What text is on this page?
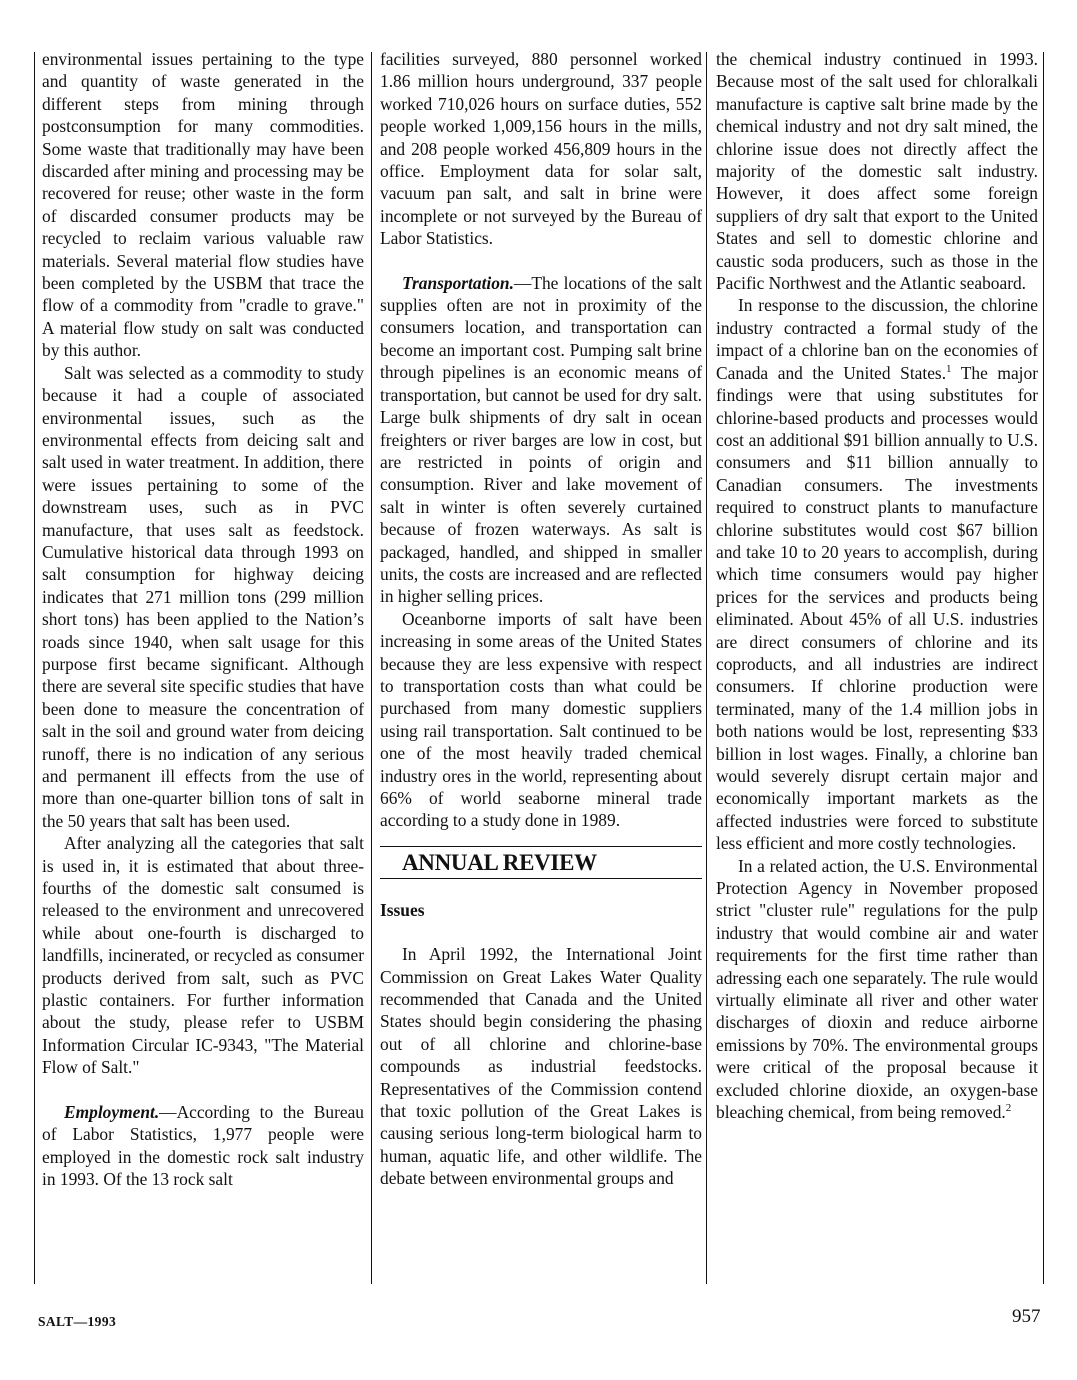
environmental issues pertaining to the type and quantity of waste generated in the different steps from mining through postconsumption for many commodities. Some waste that traditionally may have been discarded after mining and processing may be recovered for reuse; other waste in the form of discarded consumer products may be recycled to reclaim various valuable raw materials. Several material flow studies have been completed by the USBM that trace the flow of a commodity from "cradle to grave." A material flow study on salt was conducted by this author.

Salt was selected as a commodity to study because it had a couple of associated environmental issues, such as the environmental effects from deicing salt and salt used in water treatment. In addition, there were issues pertaining to some of the downstream uses, such as in PVC manufacture, that uses salt as feedstock. Cumulative historical data through 1993 on salt consumption for highway deicing indicates that 271 million tons (299 million short tons) has been applied to the Nation’s roads since 1940, when salt usage for this purpose first became significant. Although there are several site specific studies that have been done to measure the concentration of salt in the soil and ground water from deicing runoff, there is no indication of any serious and permanent ill effects from the use of more than one-quarter billion tons of salt in the 50 years that salt has been used.

After analyzing all the categories that salt is used in, it is estimated that about three-fourths of the domestic salt consumed is released to the environment and unrecovered while about one-fourth is discharged to landfills, incinerated, or recycled as consumer products derived from salt, such as PVC plastic containers. For further information about the study, please refer to USBM Information Circular IC-9343, "The Material Flow of Salt."

Employment.—According to the Bureau of Labor Statistics, 1,977 people were employed in the domestic rock salt industry in 1993. Of the 13 rock salt

facilities surveyed, 880 personnel worked 1.86 million hours underground, 337 people worked 710,026 hours on surface duties, 552 people worked 1,009,156 hours in the mills, and 208 people worked 456,809 hours in the office. Employment data for solar salt, vacuum pan salt, and salt in brine were incomplete or not surveyed by the Bureau of Labor Statistics.

Transportation.—The locations of the salt supplies often are not in proximity of the consumers location, and transportation can become an important cost. Pumping salt brine through pipelines is an economic means of transportation, but cannot be used for dry salt. Large bulk shipments of dry salt in ocean freighters or river barges are low in cost, but are restricted in points of origin and consumption. River and lake movement of salt in winter is often severely curtained because of frozen waterways. As salt is packaged, handled, and shipped in smaller units, the costs are increased and are reflected in higher selling prices.

Oceanborne imports of salt have been increasing in some areas of the United States because they are less expensive with respect to transportation costs than what could be purchased from many domestic suppliers using rail transportation. Salt continued to be one of the most heavily traded chemical industry ores in the world, representing about 66% of world seaborne mineral trade according to a study done in 1989.

ANNUAL REVIEW

Issues

In April 1992, the International Joint Commission on Great Lakes Water Quality recommended that Canada and the United States should begin considering the phasing out of all chlorine and chlorine-base compounds as industrial feedstocks. Representatives of the Commission contend that toxic pollution of the Great Lakes is causing serious long-term biological harm to human, aquatic life, and other wildlife. The debate between environmental groups and

the chemical industry continued in 1993. Because most of the salt used for chloralkali manufacture is captive salt brine made by the chemical industry and not dry salt mined, the chlorine issue does not directly affect the majority of the domestic salt industry. However, it does affect some foreign suppliers of dry salt that export to the United States and sell to domestic chlorine and caustic soda producers, such as those in the Pacific Northwest and the Atlantic seaboard.

In response to the discussion, the chlorine industry contracted a formal study of the impact of a chlorine ban on the economies of Canada and the United States.$^1$ The major findings were that using substitutes for chlorine-based products and processes would cost an additional $91 billion annually to U.S. consumers and $11 billion annually to Canadian consumers. The investments required to construct plants to manufacture chlorine substitutes would cost $67 billion and take 10 to 20 years to accomplish, during which time consumers would pay higher prices for the services and products being eliminated. About 45% of all U.S. industries are direct consumers of chlorine and its coproducts, and all industries are indirect consumers. If chlorine production were terminated, many of the 1.4 million jobs in both nations would be lost, representing $33 billion in lost wages. Finally, a chlorine ban would severely disrupt certain major and economically important markets as the affected industries were forced to substitute less efficient and more costly technologies.

In a related action, the U.S. Environmental Protection Agency in November proposed strict "cluster rule" regulations for the pulp industry that would combine air and water requirements for the first time rather than adressing each one separately. The rule would virtually eliminate all river and other water discharges of dioxin and reduce airborne emissions by 70%. The environmental groups were critical of the proposal because it excluded chlorine dioxide, an oxygen-base bleaching chemical, from being removed.$^2$

SALT—1993	957
